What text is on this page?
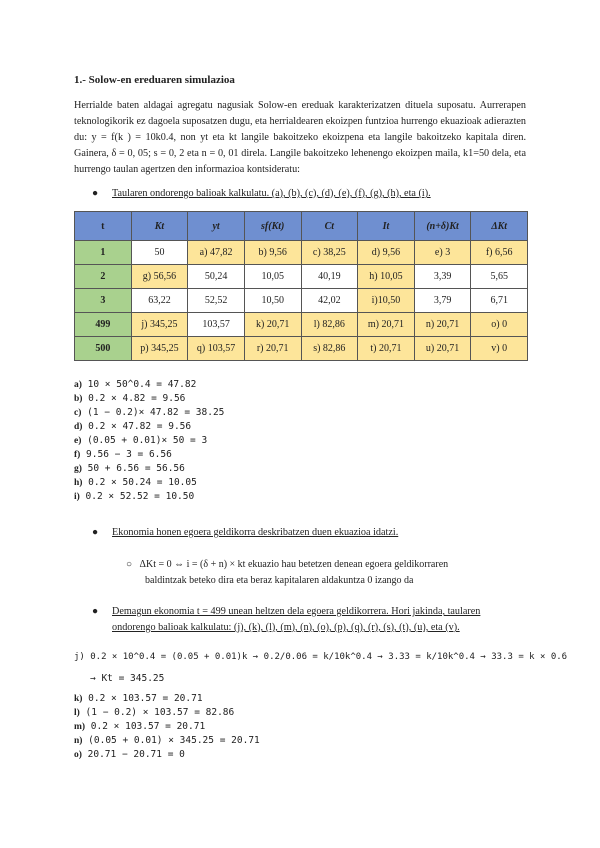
1.- Solow-en ereduaren simulazioa
Herrialde baten aldagai agregatu nagusiak Solow-en ereduak karakterizatzen dituela suposatu. Aurrerapen teknologikorik ez dagoela suposatzen dugu, eta herrialdearen ekoizpen funtzioa hurrengo ekuazioak adierazten du: y = f(k ) = 10k0.4, non yt eta kt langile bakoitzeko ekoizpena eta langile bakoitzeko kapitala diren. Gainera, δ = 0, 05; s = 0, 2 eta n = 0, 01 direla. Langile bakoitzeko lehenengo ekoizpen maila, k1=50 dela, eta hurrengo taulan agertzen den informazioa kontsideratu:
● Taularen ondorengo balioak kalkulatu. (a), (b), (c), (d), (e), (f), (g), (h), eta (i).
t	Kt	yt	sf(Kt)	Ct	It	(n+δ)Kt	ΔKt
1	50	a) 47,82	b) 9,56	c) 38,25	d) 9,56	e) 3	f) 6,56
2	g) 56,56	50,24	10,05	40,19	h) 10,05	3,39	5,65
3	63,22	52,52	10,50	42,02	i)10,50	3,79	6,71
499	j) 345,25	103,57	k) 20,71	l) 82,86	m) 20,71	n) 20,71	o) 0
500	p) 345,25	q) 103,57	r) 20,71	s) 82,86	t) 20,71	u) 20,71	v) 0
a) 10 × 50^0.4 = 47.82
b) 0.2 × 4.82 = 9.56
c) (1 − 0.2)× 47.82 = 38.25
d) 0.2 × 47.82 = 9.56
e) (0.05 + 0.01)× 50 = 3
f) 9.56 − 3 = 6.56
g) 50 + 6.56 = 56.56
h) 0.2 × 50.24 = 10.05
i) 0.2 × 52.52 = 10.50
● Ekonomia honen egoera geldikorra deskribatzen duen ekuazioa idatzi.
○   ΔKt = 0 ⇔ i = (δ + n) × kt ekuazio hau betetzen denean egoera geldikorraren
baldintzak beteko dira eta beraz kapitalaren aldakuntza 0 izango da
● Demagun ekonomia t = 499 unean heltzen dela egoera geldikorrera. Hori jakinda, taularen
ondorengo balioak kalkulatu: (j), (k), (l), (m), (n), (o), (p), (q), (r), (s), (t), (u), eta (v).
j) 0.2 × 10^0.4 = (0.05 + 0.01)k → 0.2/0.06 = k/10k^0.4 → 3.33 = k/10k^0.4 → 33.3 = k × 0.6
→ Kt = 345.25
k) 0.2 × 103.57 = 20.71
l) (1 − 0.2) × 103.57 = 82.86
m) 0.2 × 103.57 = 20.71
n) (0.05 + 0.01) × 345.25 = 20.71
o) 20.71 − 20.71 = 0
